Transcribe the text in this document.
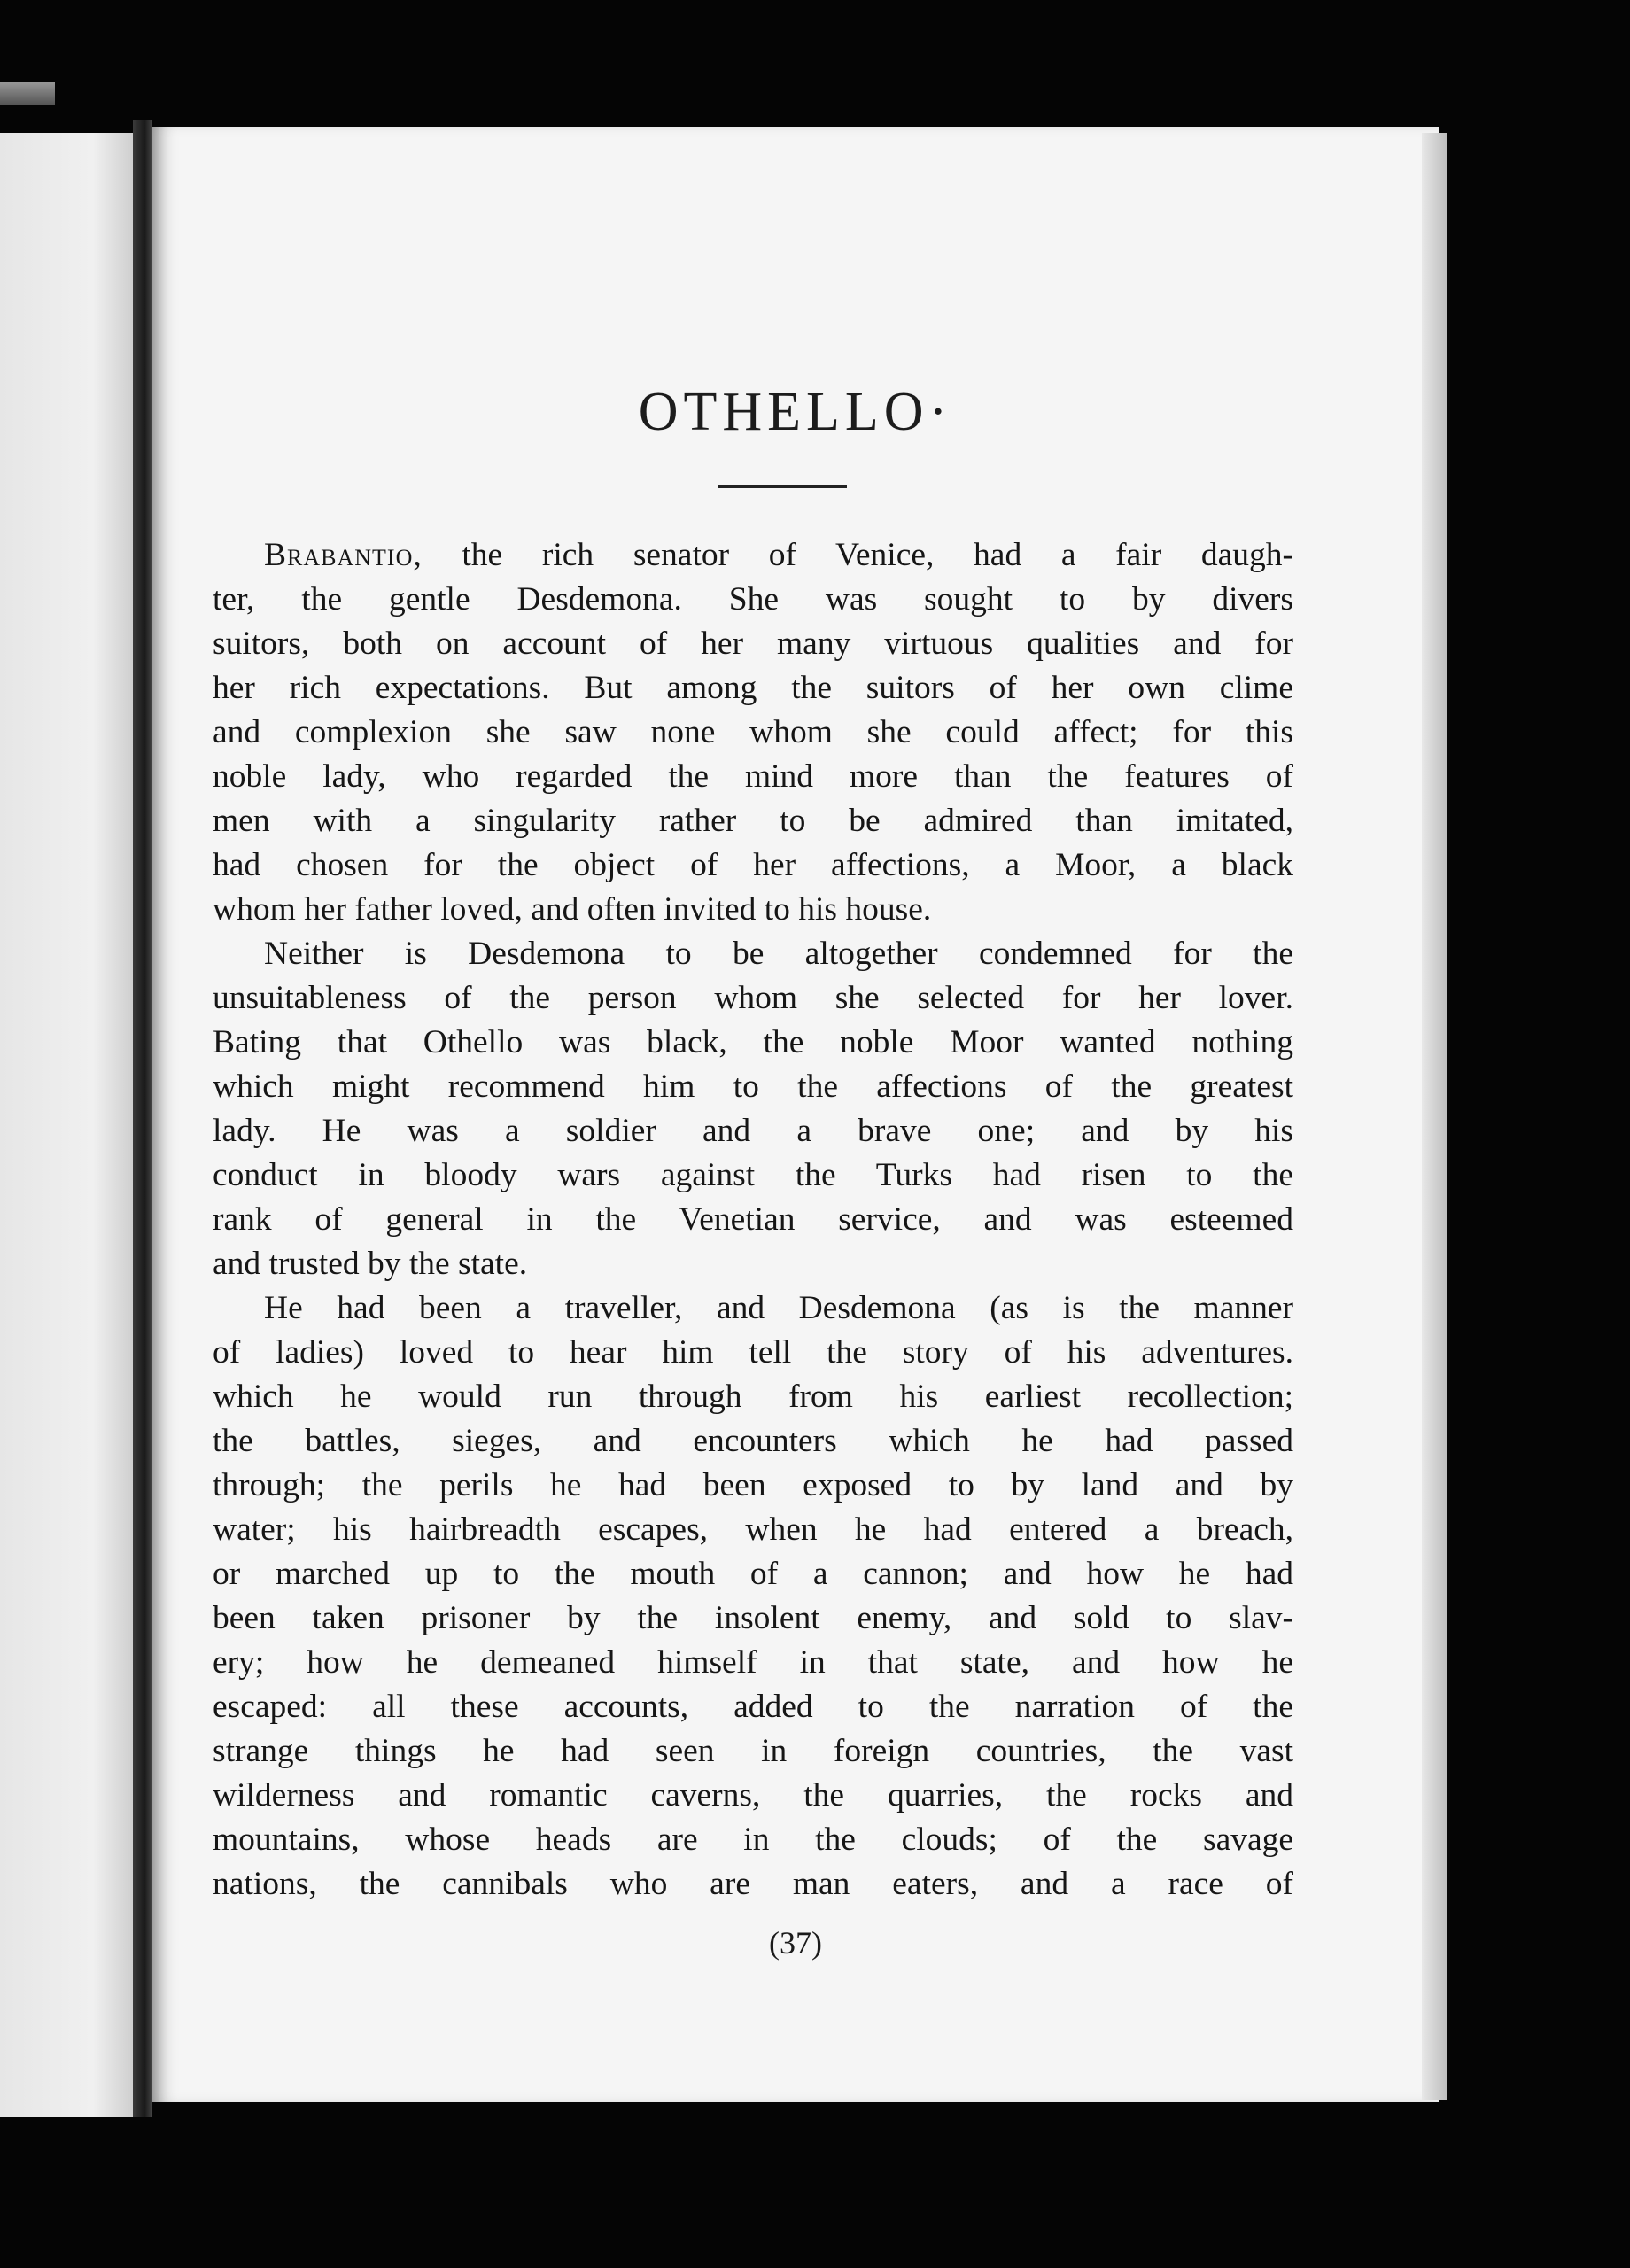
OTHELLO·
Brabantio, the rich senator of Venice, had a fair daugh-
ter, the gentle Desdemona. She was sought to by divers
suitors, both on account of her many virtuous qualities and for
her rich expectations. But among the suitors of her own clime
and complexion she saw none whom she could affect; for this
noble lady, who regarded the mind more than the features of
men with a singularity rather to be admired than imitated,
had chosen for the object of her affections, a Moor, a black
whom her father loved, and often invited to his house.
Neither is Desdemona to be altogether condemned for the
unsuitableness of the person whom she selected for her lover.
Bating that Othello was black, the noble Moor wanted nothing
which might recommend him to the affections of the greatest
lady. He was a soldier and a brave one; and by his
conduct in bloody wars against the Turks had risen to the
rank of general in the Venetian service, and was esteemed
and trusted by the state.
He had been a traveller, and Desdemona (as is the manner
of ladies) loved to hear him tell the story of his adventures.
which he would run through from his earliest recollection;
the battles, sieges, and encounters which he had passed
through; the perils he had been exposed to by land and by
water; his hairbreadth escapes, when he had entered a breach,
or marched up to the mouth of a cannon; and how he had
been taken prisoner by the insolent enemy, and sold to slav-
ery; how he demeaned himself in that state, and how he
escaped: all these accounts, added to the narration of the
strange things he had seen in foreign countries, the vast
wilderness and romantic caverns, the quarries, the rocks and
mountains, whose heads are in the clouds; of the savage
nations, the cannibals who are man eaters, and a race of
(37)
